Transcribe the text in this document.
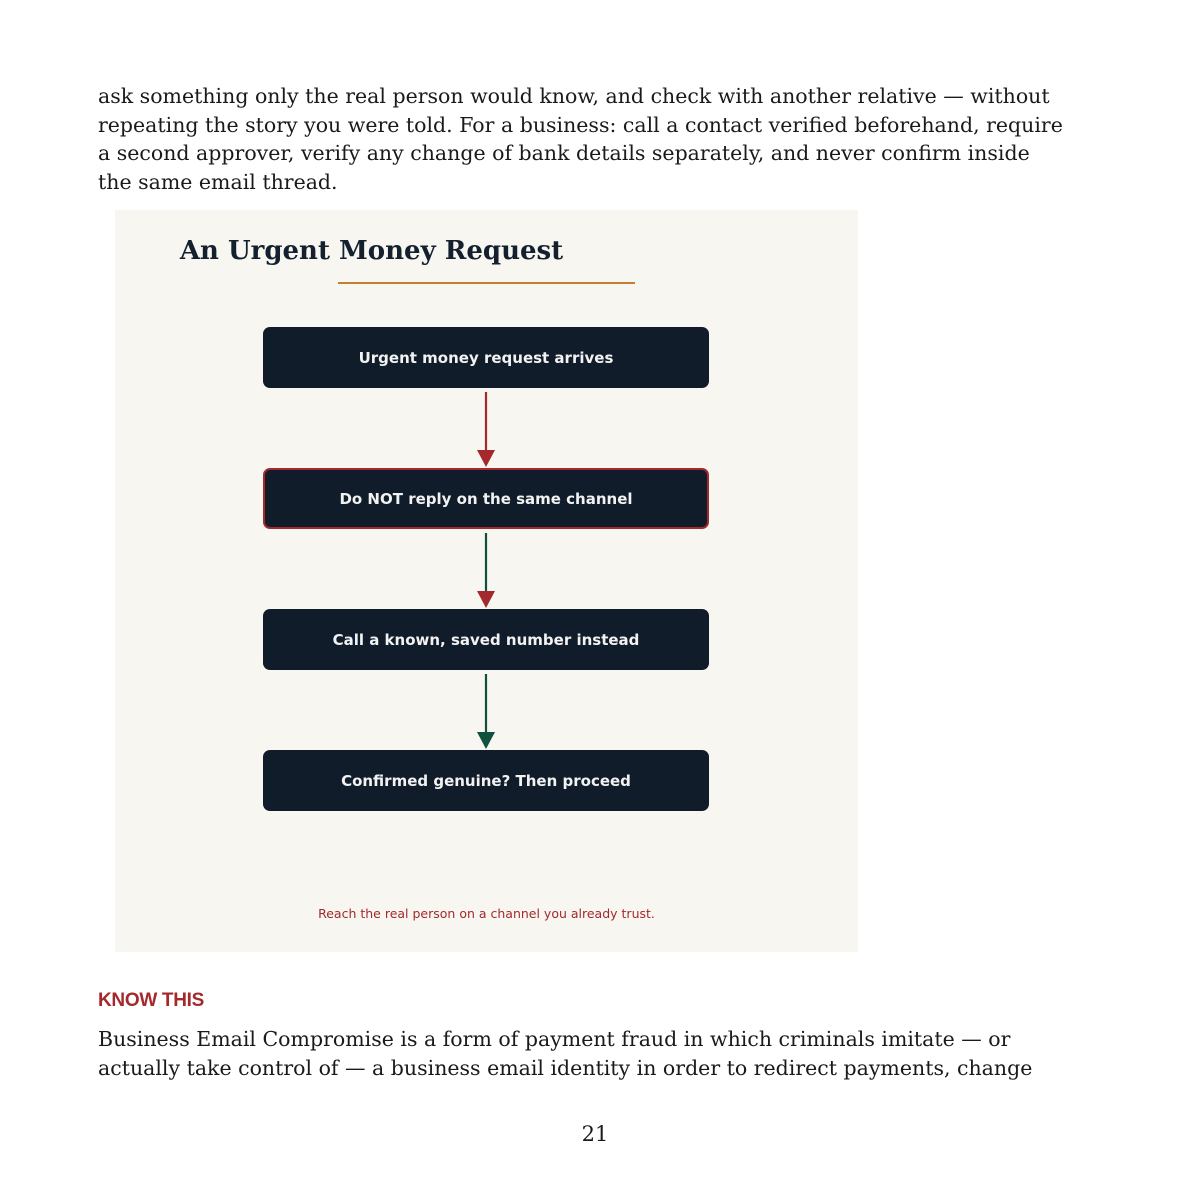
ask something only the real person would know, and check with another relative — without
repeating the story you were told. For a business: call a contact verified beforehand, require
a second approver, verify any change of bank details separately, and never confirm inside
the same email thread.

An Urgent Money Request
Urgent money request arrives
Do NOT reply on the same channel
Call a known, saved number instead
Confirmed genuine? Then proceed
Reach the real person on a channel you already trust.
KNOW THIS

Business Email Compromise is a form of payment fraud in which criminals imitate — or
actually take control of — a business email identity in order to redirect payments, change

21
